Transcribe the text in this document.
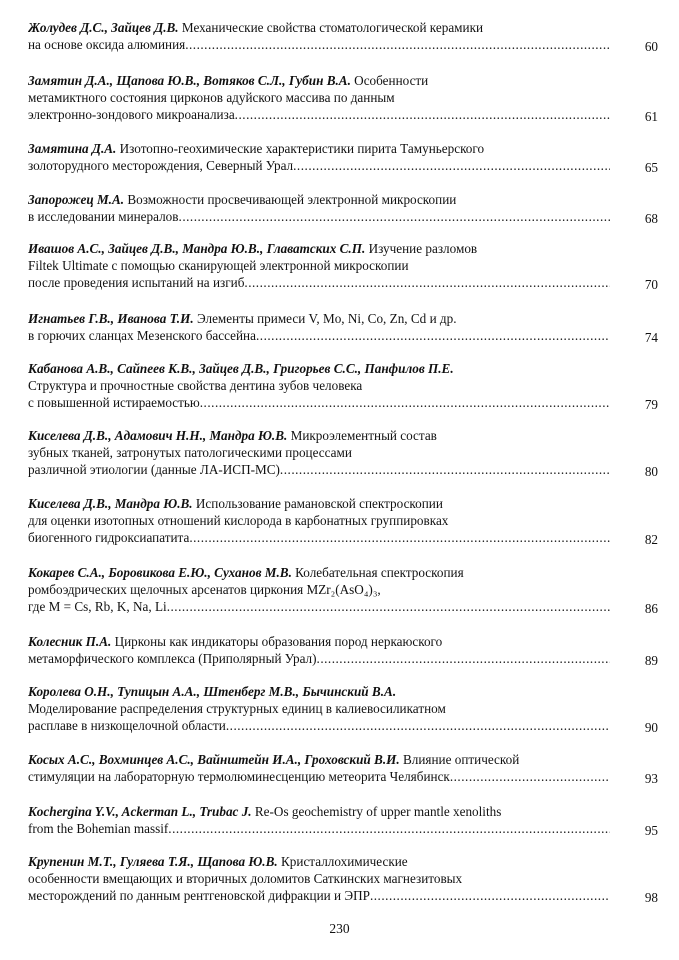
Жолудев Д.С., Зайцев Д.В. Механические свойства стоматологической керамики
на основе оксида алюминия .....	60
Замятин Д.А., Щапова Ю.В., Вотяков С.Л., Губин В.А. Особенности
метамиктного состояния цирконов адуйского массива по данным
электронно-зондового микроанализа .....	61
Замятина Д.А. Изотопно-геохимические характеристики пирита Тамуньерского
золоторудного месторождения, Северный Урал .....	65
Запорожец М.А. Возможности просвечивающей электронной микроскопии
в исследовании минералов .....	68
Ивашов А.С., Зайцев Д.В., Мандра Ю.В., Главатских С.П. Изучение разломов
Filtek Ultimate с помощью сканирующей электронной микроскопии
после проведения испытаний на изгиб .....	70
Игнатьев Г.В., Иванова Т.И. Элементы примеси V, Mo, Ni, Co, Zn, Cd и др.
в горючих сланцах Мезенского бассейна .....	74
Кабанова А.В., Сайпеев К.В., Зайцев Д.В., Григорьев С.С., Панфилов П.Е.
Структура и прочностные свойства дентина зубов человека
с повышенной истираемостью .....	79
Киселева Д.В., Адамович Н.Н., Мандра Ю.В. Микроэлементный состав
зубных тканей, затронутых патологическими процессами
различной этиологии (данные ЛА-ИСП-МС) .....	80
Киселева Д.В., Мандра Ю.В. Использование рамановской спектроскопии
для оценки изотопных отношений кислорода в карбонатных группировках
биогенного гидроксиапатита .....	82
Кокарев С.А., Боровикова Е.Ю., Суханов М.В. Колебательная спектроскопия
ромбоэдрических щелочных арсенатов циркония MZr₂(AsO₄)₃,
где M = Cs, Rb, K, Na, Li .....	86
Колесник П.А. Цирконы как индикаторы образования пород неркаюского
метаморфического комплекса (Приполярный Урал) .....	89
Королева О.Н., Тупицын А.А., Штенберг М.В., Бычинский В.А.
Моделирование распределения структурных единиц в калиевосиликатном
расплаве в низкощелочной области .....	90
Косых А.С., Вохминцев А.С., Вайнштейн И.А., Гроховский В.И. Влияние оптической
стимуляции на лабораторную термолюминесценцию метеорита Челябинск .....	93
Kochergina Y.V., Ackerman L., Trubac J. Re-Os geochemistry of upper mantle xenoliths
from the Bohemian massif .....	95
Крупенин М.Т., Гуляева Т.Я., Щапова Ю.В. Кристаллохимические
особенности вмещающих и вторичных доломитов Саткинских магнезитовых
месторождений по данным рентгеновской дифракции и ЭПР .....	98
230
